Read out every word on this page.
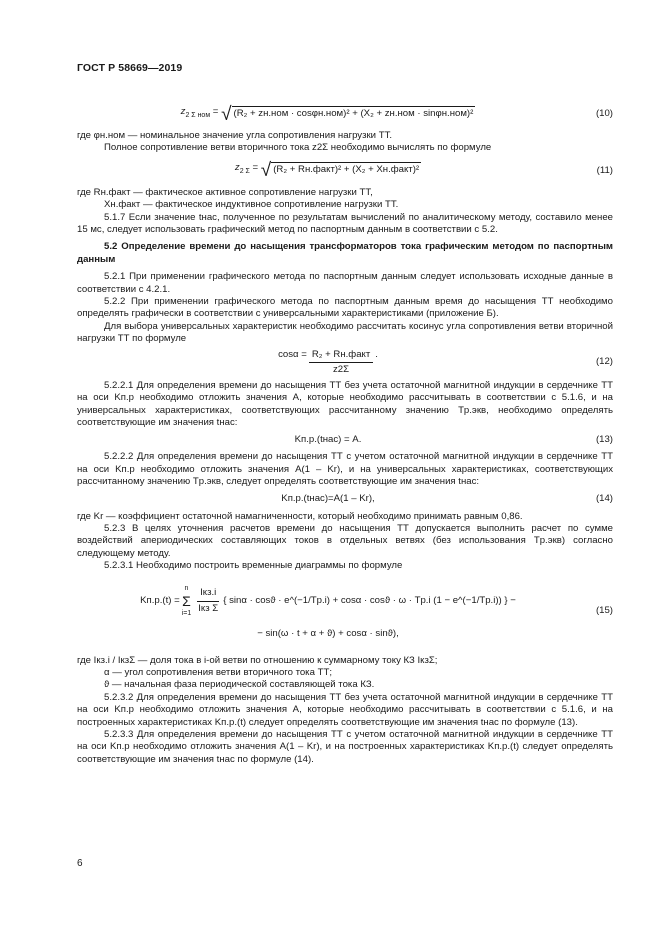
ГОСТ Р 58669—2019
$z_{2 \Sigma ном}$ = √ (R₂ + zн.ном · cosφн.ном)² + (X₂ + zн.ном · sinφн.ном)²	(10)

где φн.ном — номинальное значение угла сопротивления нагрузки ТТ.

Полное сопротивление ветви вторичного тока z2Σ необходимо вычислять по формуле

$z_{2 \Sigma}$ = √ (R₂ + Rн.факт)² + (X₂ + Xн.факт)²	(11)

где Rн.факт — фактическое активное сопротивление нагрузки ТТ,

Xн.факт — фактическое индуктивное сопротивление нагрузки ТТ.

5.1.7 Если значение tнас, полученное по результатам вычислений по аналитическому методу, составило менее 15 мс, следует использовать графический метод по паспортным данным в соответствии с 5.2.

5.2 Определение времени до насыщения трансформаторов тока графическим методом по паспортным данным

5.2.1 При применении графического метода по паспортным данным следует использовать исходные данные в соответствии с 4.2.1.

5.2.2 При применении графического метода по паспортным данным время до насыщения ТТ необходимо определять графически в соответствии с универсальными характеристиками (приложение Б).

Для выбора универсальных характеристик необходимо рассчитать косинус угла сопротивления ветви вторичной нагрузки ТТ по формуле

$\cos\alpha = \frac{\text{R₂ + Rн.факт}}{z2\Sigma}$ .
(12)

5.2.2.1 Для определения времени до насыщения ТТ без учета остаточной магнитной индукции в сердечнике ТТ на оси Kп.р необходимо отложить значения A, которые необходимо рассчитывать в соответствии с 5.1.6, и на универсальных характеристиках, соответствующих рассчитанному значению Tр.экв, необходимо определять соответствующие им значения tнас:

Kп.р.(tнас) = A.	(13)

5.2.2.2 Для определения времени до насыщения ТТ с учетом остаточной магнитной индукции в сердечнике ТТ на оси Kп.р необходимо отложить значения A(1 – Kr), и на универсальных характеристиках, соответствующих рассчитанному значению Tр.экв, следует определять соответствующие им значения tнас:

Kп.р.(tнас)=A(1 – Kr),	(14)

где Kr — коэффициент остаточной намагниченности, который необходимо принимать равным 0,86.

5.2.3 В целях уточнения расчетов времени до насыщения ТТ допускается выполнить расчет по сумме воздействий апериодических составляющих токов в отдельных ветвях (без использования Tр.экв) согласно следующему методу.

5.2.3.1 Необходимо построить временные диаграммы по формуле

Kп.р.(t) =
n
Σ
$i=1 \frac{\text{Iкз.i}}{\text{Iкз Σ}}$ { sinα · cosϑ · e^(−1/Tр.i) + cosα · cosϑ · ω · Tр.i (1 − e^(−1/Tр.i)) } −
− sin(ω · t + α + ϑ) + cosα · sinϑ),
(15)

где Iкз.i / IкзΣ — доля тока в i-ой ветви по отношению к суммарному току КЗ IкзΣ;

α — угол сопротивления ветви вторичного тока ТТ;

ϑ — начальная фаза периодической составляющей тока КЗ.

5.2.3.2 Для определения времени до насыщения ТТ без учета остаточной магнитной индукции в сердечнике ТТ на оси Kп.р необходимо отложить значения A, которые необходимо рассчитывать в соответствии с 5.1.6, и на построенных характеристиках Kп.р.(t) следует определять соответствующие им значения tнас по формуле (13).

5.2.3.3 Для определения времени до насыщения ТТ с учетом остаточной магнитной индукции в сердечнике ТТ на оси Kп.р необходимо отложить значения A(1 – Kr), и на построенных характеристиках Kп.р.(t) следует определять соответствующие им значения tнас по формуле (14).

6
